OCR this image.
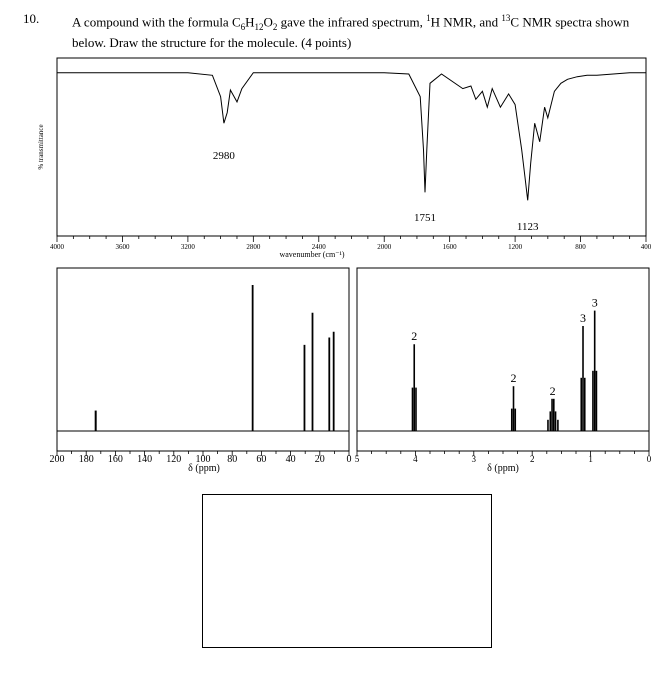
10.	A compound with the formula $C_6H_{12}O_2$ gave the infrared spectrum, $^1$H NMR, and $^{13}$C NMR spectra shown below. Draw the structure for the molecule. (4 points)
% transmittance
wavenumber (cm⁻¹)
4000	3600	3200	2800	2400	2000	1600	1200	800	400
2980
1751
1123
δ (ppm)
200 180 160 140 120 100 80 60 40 20 0
δ (ppm)
5	4	3	2	1	0
2
2
2
3
3
